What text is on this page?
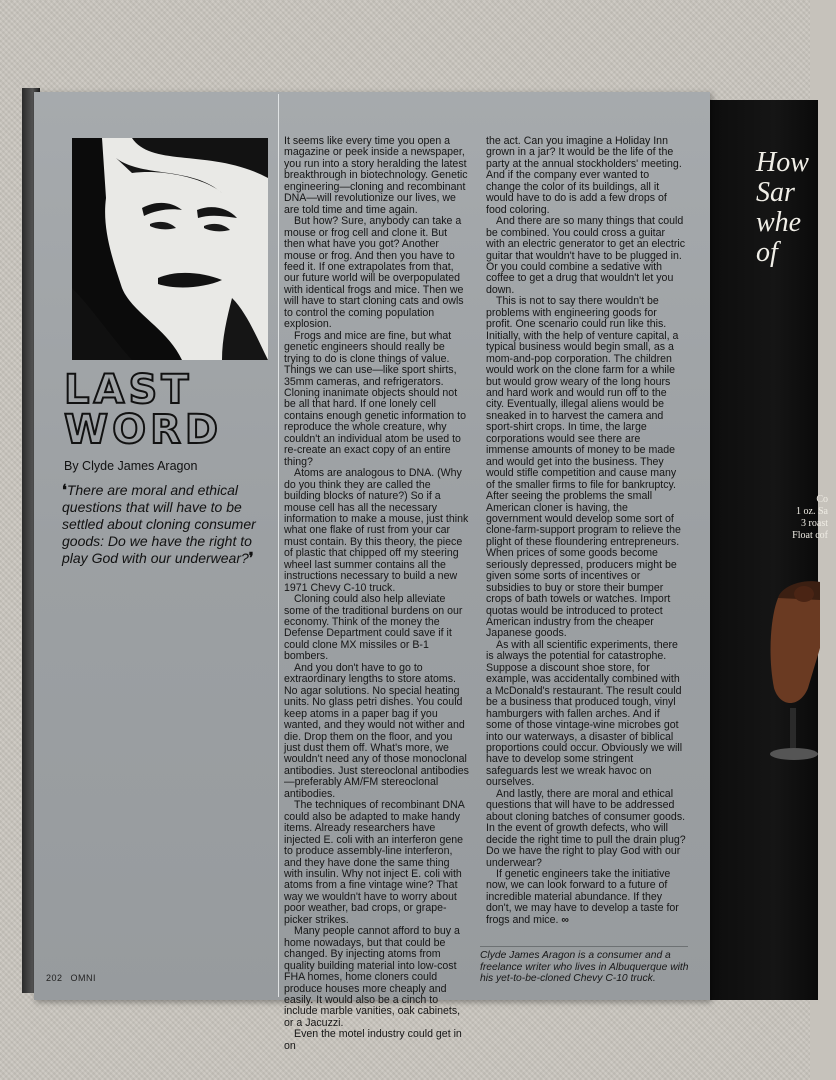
How
Sar
whe
of
Co
1 oz. Sa
3 roast
Float cof
LAST
WORD
By Clyde James Aragon
❛There are moral and ethical questions that will have to be settled about cloning consumer goods: Do we have the right to play God with our underwear?❜

It seems like every time you open a magazine or peek inside a newspaper, you run into a story heralding the latest breakthrough in biotechnology. Genetic engineering—cloning and recombinant DNA—will revolutionize our lives, we are told time and time again.

But how? Sure, anybody can take a mouse or frog cell and clone it. But then what have you got? Another mouse or frog. And then you have to feed it. If one extrapolates from that, our future world will be overpopulated with identical frogs and mice. Then we will have to start cloning cats and owls to control the coming population explosion.

Frogs and mice are fine, but what genetic engineers should really be trying to do is clone things of value. Things we can use—like sport shirts, 35mm cameras, and refrigerators. Cloning inanimate objects should not be all that hard. If one lonely cell contains enough genetic information to reproduce the whole creature, why couldn't an individual atom be used to re-create an exact copy of an entire thing?

Atoms are analogous to DNA. (Why do you think they are called the building blocks of nature?) So if a mouse cell has all the necessary information to make a mouse, just think what one flake of rust from your car must contain. By this theory, the piece of plastic that chipped off my steering wheel last summer contains all the instructions necessary to build a new 1971 Chevy C-10 truck.

Cloning could also help alleviate some of the traditional burdens on our economy. Think of the money the Defense Department could save if it could clone MX missiles or B-1 bombers.

And you don't have to go to extraordinary lengths to store atoms. No agar solutions. No special heating units. No glass petri dishes. You could keep atoms in a paper bag if you wanted, and they would not wither and die. Drop them on the floor, and you just dust them off. What's more, we wouldn't need any of those monoclonal antibodies. Just stereoclonal antibodies—preferably AM/FM stereoclonal antibodies.

The techniques of recombinant DNA could also be adapted to make handy items. Already researchers have injected E. coli with an interferon gene to produce assembly-line interferon, and they have done the same thing with insulin. Why not inject E. coli with atoms from a fine vintage wine? That way we wouldn't have to worry about poor weather, bad crops, or grape-picker strikes.

Many people cannot afford to buy a home nowadays, but that could be changed. By injecting atoms from quality building material into low-cost FHA homes, home cloners could produce houses more cheaply and easily. It would also be a cinch to include marble vanities, oak cabinets, or a Jacuzzi.

Even the motel industry could get in on

the act. Can you imagine a Holiday Inn grown in a jar? It would be the life of the party at the annual stockholders' meeting. And if the company ever wanted to change the color of its buildings, all it would have to do is add a few drops of food coloring.

And there are so many things that could be combined. You could cross a guitar with an electric generator to get an electric guitar that wouldn't have to be plugged in. Or you could combine a sedative with coffee to get a drug that wouldn't let you down.

This is not to say there wouldn't be problems with engineering goods for profit. One scenario could run like this. Initially, with the help of venture capital, a typical business would begin small, as a mom-and-pop corporation. The children would work on the clone farm for a while but would grow weary of the long hours and hard work and would run off to the city. Eventually, illegal aliens would be sneaked in to harvest the camera and sport-shirt crops. In time, the large corporations would see there are immense amounts of money to be made and would get into the business. They would stifle competition and cause many of the smaller firms to file for bankruptcy. After seeing the problems the small American cloner is having, the government would develop some sort of clone-farm-support program to relieve the plight of these floundering entrepreneurs. When prices of some goods become seriously depressed, producers might be given some sorts of incentives or subsidies to buy or store their bumper crops of bath towels or watches. Import quotas would be introduced to protect American industry from the cheaper Japanese goods.

As with all scientific experiments, there is always the potential for catastrophe. Suppose a discount shoe store, for example, was accidentally combined with a McDonald's restaurant. The result could be a business that produced tough, vinyl hamburgers with fallen arches. And if some of those vintage-wine microbes got into our waterways, a disaster of biblical proportions could occur. Obviously we will have to develop some stringent safeguards lest we wreak havoc on ourselves.

And lastly, there are moral and ethical questions that will have to be addressed about cloning batches of consumer goods. In the event of growth defects, who will decide the right time to pull the drain plug? Do we have the right to play God with our underwear?

If genetic engineers take the initiative now, we can look forward to a future of incredible material abundance. If they don't, we may have to develop a taste for frogs and mice. ∞

Clyde James Aragon is a consumer and a freelance writer who lives in Albuquerque with his yet-to-be-cloned Chevy C-10 truck.
202 OMNI
